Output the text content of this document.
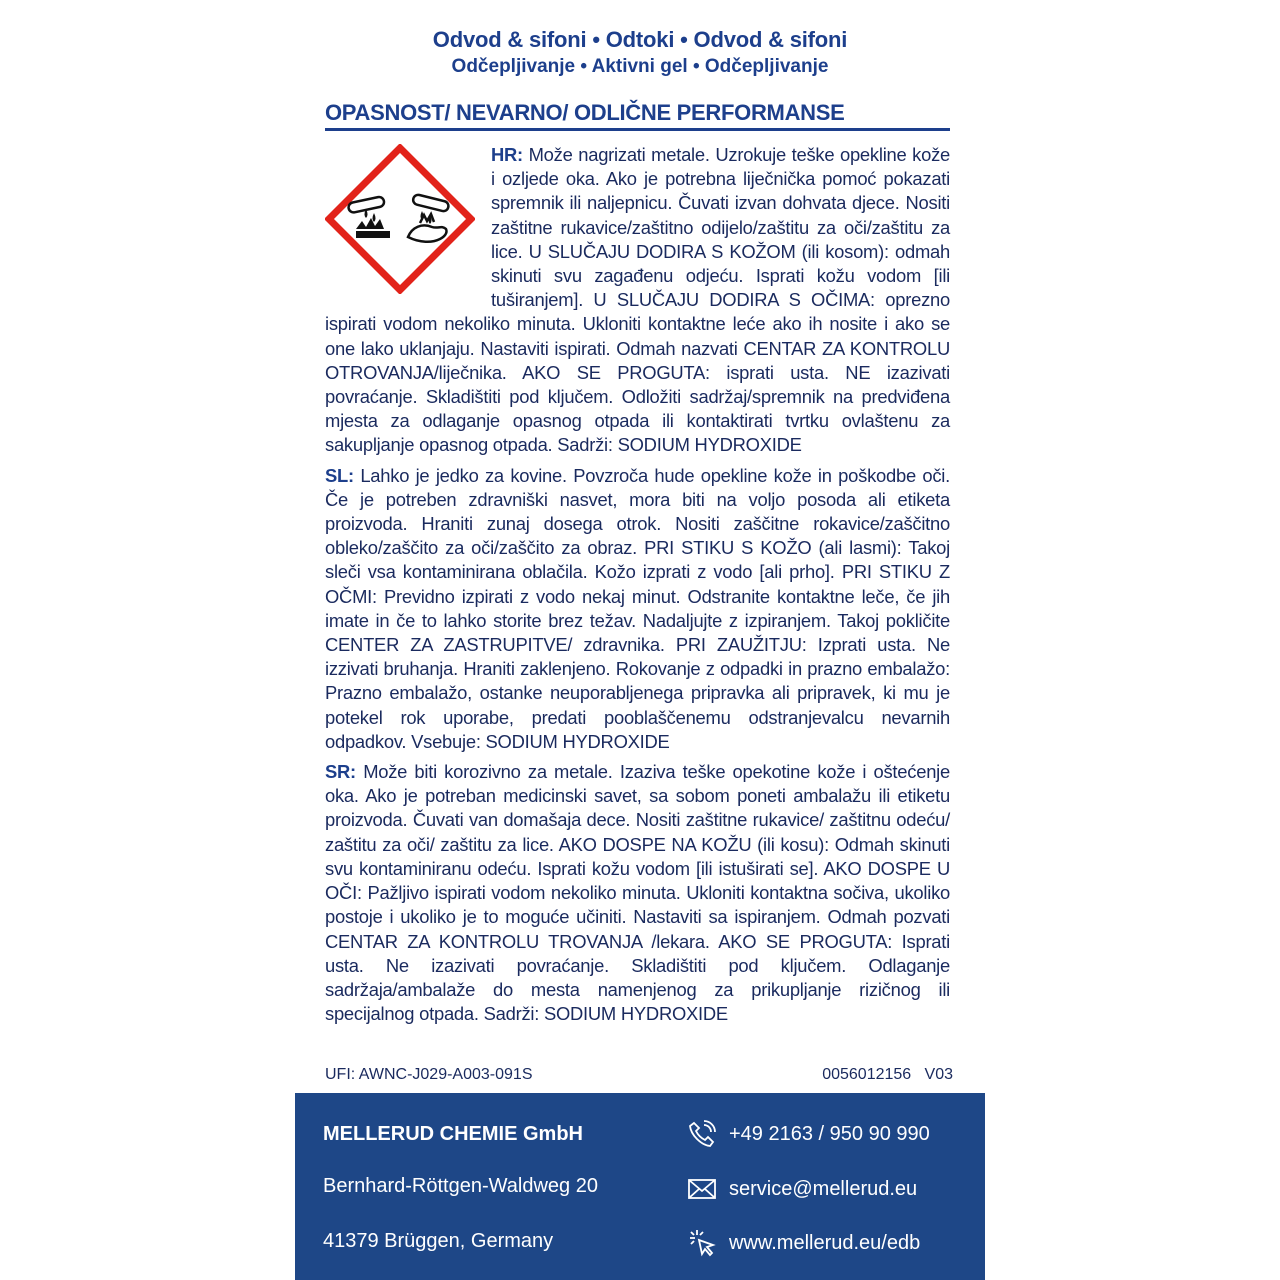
Odvod & sifoni • Odtoki • Odvod & sifoni
Odčepljivanje • Aktivni gel • Odčepljivanje
OPASNOST/ NEVARNO/ ODLIČNE PERFORMANSE

HR: Može nagrizati metale. Uzrokuje teške opekline kože i ozljede oka. Ako je potrebna liječnička pomoć pokazati spremnik ili naljepnicu. Čuvati izvan dohvata djece. Nositi zaštitne rukavice/zaštitno odijelo/zaštitu za oči/zaštitu za lice. U SLUČAJU DODIRA S KOŽOM (ili kosom): odmah skinuti svu zagađenu odjeću. Isprati kožu vodom [ili tuširanjem]. U SLUČAJU DODIRA S OČIMA: oprezno ispirati vodom nekoliko minuta. Ukloniti kontaktne leće ako ih nosite i ako se one lako uklanjaju. Nastaviti ispirati. Odmah nazvati CENTAR ZA KONTROLU OTROVANJA/liječnika. AKO SE PROGUTA: isprati usta. NE izazivati povraćanje. Skladištiti pod ključem. Odložiti sadržaj/spremnik na predviđena mjesta za odlaganje opasnog otpada ili kontaktirati tvrtku ovlaštenu za sakupljanje opasnog otpada. Sadrži: SODIUM HYDROXIDE

SL: Lahko je jedko za kovine. Povzroča hude opekline kože in poškodbe oči. Če je potreben zdravniški nasvet, mora biti na voljo posoda ali etiketa proizvoda. Hraniti zunaj dosega otrok. Nositi zaščitne rokavice/zaščitno obleko/zaščito za oči/zaščito za obraz. PRI STIKU S KOŽO (ali lasmi): Takoj sleči vsa kontaminirana oblačila. Kožo izprati z vodo [ali prho]. PRI STIKU Z OČMI: Previdno izpirati z vodo nekaj minut. Odstranite kontaktne leče, če jih imate in če to lahko storite brez težav. Nadaljujte z izpiranjem. Takoj pokličite CENTER ZA ZASTRUPITVE/ zdravnika. PRI ZAUŽITJU: Izprati usta. Ne izzivati bruhanja. Hraniti zaklenjeno. Rokovanje z odpadki in prazno embalažo: Prazno embalažo, ostanke neuporabljenega pripravka ali pripravek, ki mu je potekel rok uporabe, predati pooblaščenemu odstranjevalcu nevarnih odpadkov. Vsebuje: SODIUM HYDROXIDE

SR: Može biti korozivno za metale. Izaziva teške opekotine kože i oštećenje oka. Ako je potreban medicinski savet, sa sobom poneti ambalažu ili etiketu proizvoda. Čuvati van domašaja dece. Nositi zaštitne rukavice/ zaštitnu odeću/ zaštitu za oči/ zaštitu za lice. AKO DOSPE NA KOŽU (ili kosu): Odmah skinuti svu kontaminiranu odeću. Isprati kožu vodom [ili istuširati se]. AKO DOSPE U OČI: Pažljivo ispirati vodom nekoliko minuta. Ukloniti kontaktna sočiva, ukoliko postoje i ukoliko je to moguće učiniti. Nastaviti sa ispiranjem. Odmah pozvati CENTAR ZA KONTROLU TROVANJA /lekara. AKO SE PROGUTA: Isprati usta. Ne izazivati povraćanje. Skladištiti pod ključem. Odlaganje sadržaja/ambalaže do mesta namenjenog za prikupljanje rizičnog ili specijalnog otpada. Sadrži: SODIUM HYDROXIDE

UFI: AWNC-J029-A003-091S	0056012156   V03
MELLERUD CHEMIE GmbH
Bernhard-Röttgen-Waldweg 20
41379 Brüggen, Germany
+49 2163 / 950 90 990
service@mellerud.eu
www.mellerud.eu/edb
